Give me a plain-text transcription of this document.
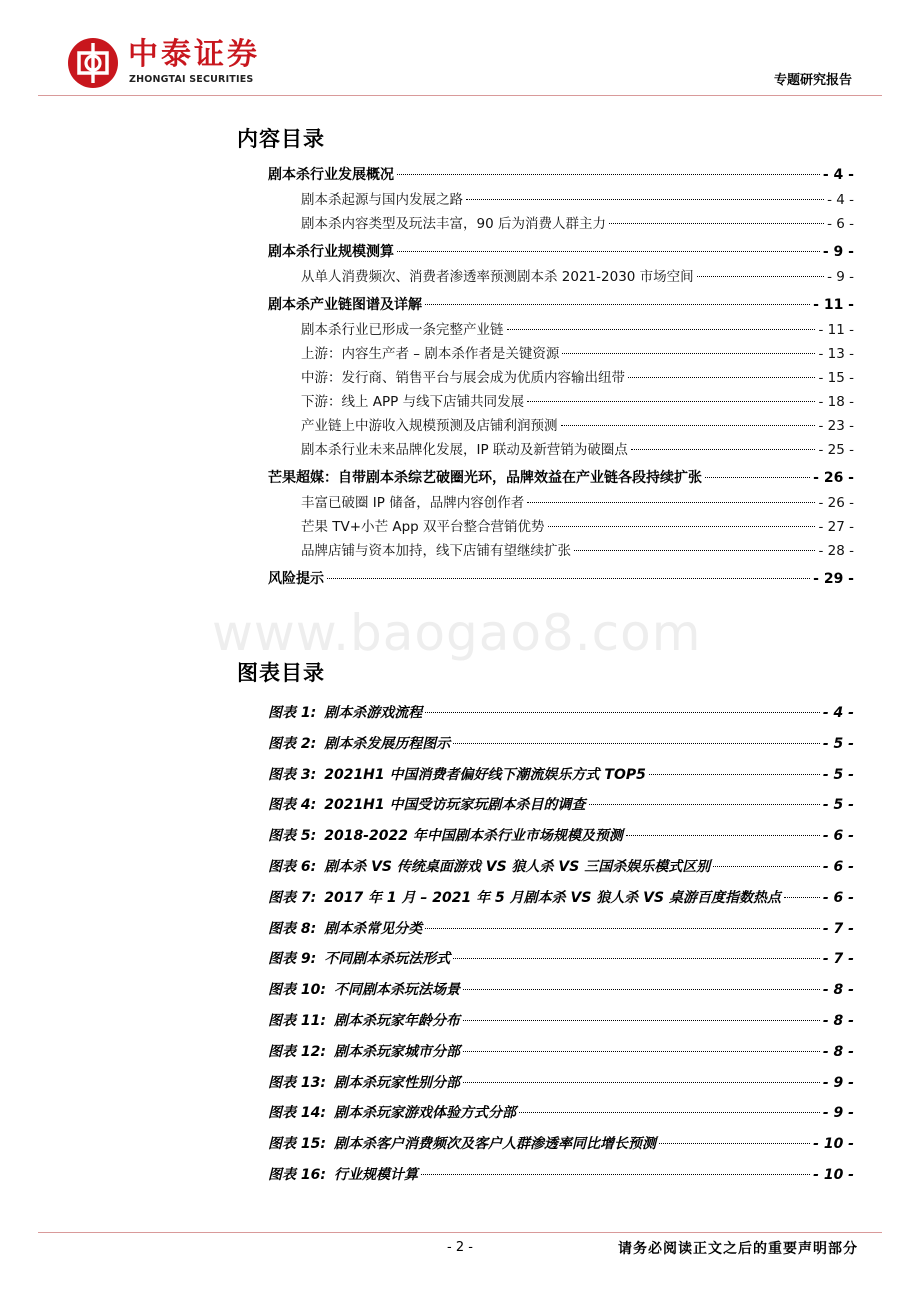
中泰证券
ZHONGTAI SECURITIES	专题研究报告
内容目录
剧本杀行业发展概况	- 4 -
剧本杀起源与国内发展之路	- 4 -
剧本杀内容类型及玩法丰富，90 后为消费人群主力	- 6 -
剧本杀行业规模测算	- 9 -
从单人消费频次、消费者渗透率预测剧本杀 2021-2030 市场空间	- 9 -
剧本杀产业链图谱及详解	- 11 -
剧本杀行业已形成一条完整产业链	- 11 -
上游：内容生产者 – 剧本杀作者是关键资源	- 13 -
中游：发行商、销售平台与展会成为优质内容输出纽带	- 15 -
下游：线上 APP 与线下店铺共同发展	- 18 -
产业链上中游收入规模预测及店铺利润预测	- 23 -
剧本杀行业未来品牌化发展，IP 联动及新营销为破圈点	- 25 -
芒果超媒：自带剧本杀综艺破圈光环，品牌效益在产业链各段持续扩张	- 26 -
丰富已破圈 IP 储备，品牌内容创作者	- 26 -
芒果 TV+小芒 App 双平台整合营销优势	- 27 -
品牌店铺与资本加持，线下店铺有望继续扩张	- 28 -
风险提示	- 29 -
www.baogao8.com
图表目录
图表 1: 剧本杀游戏流程	- 4 -
图表 2: 剧本杀发展历程图示	- 5 -
图表 3: 2021H1 中国消费者偏好线下潮流娱乐方式 TOP5	- 5 -
图表 4: 2021H1 中国受访玩家玩剧本杀目的调查	- 5 -
图表 5: 2018-2022 年中国剧本杀行业市场规模及预测	- 6 -
图表 6: 剧本杀 VS 传统桌面游戏 VS 狼人杀 VS 三国杀娱乐模式区别	- 6 -
图表 7: 2017 年 1 月 – 2021 年 5 月剧本杀 VS 狼人杀 VS 桌游百度指数热点	- 6 -
图表 8: 剧本杀常见分类	- 7 -
图表 9: 不同剧本杀玩法形式	- 7 -
图表 10: 不同剧本杀玩法场景	- 8 -
图表 11: 剧本杀玩家年龄分布	- 8 -
图表 12: 剧本杀玩家城市分部	- 8 -
图表 13: 剧本杀玩家性别分部	- 9 -
图表 14: 剧本杀玩家游戏体验方式分部	- 9 -
图表 15: 剧本杀客户消费频次及客户人群渗透率同比增长预测	- 10 -
图表 16: 行业规模计算	- 10 -
- 2 -	请务必阅读正文之后的重要声明部分
